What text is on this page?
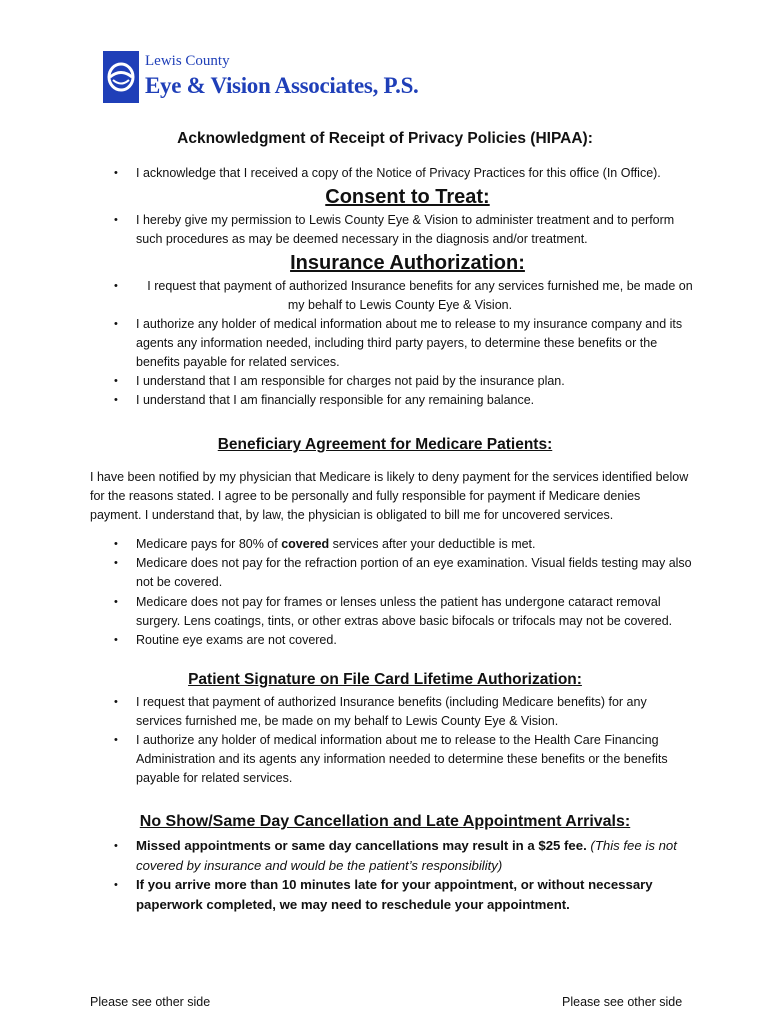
Lewis County
Eye & Vision Associates, P.S.
Acknowledgment of Receipt of Privacy Policies (HIPAA):
•	I acknowledge that I received a copy of the Notice of Privacy Practices for this office (In Office).

Consent to Treat:
•	I hereby give my permission to Lewis County Eye & Vision to administer treatment and to perform such procedures as may be deemed necessary in the diagnosis and/or treatment.

Insurance Authorization:
•	I request that payment of authorized Insurance benefits for any services furnished me, be made on my behalf to Lewis County Eye & Vision.

•	I authorize any holder of medical information about me to release to my insurance company and its agents any information needed, including third party payers, to determine these benefits or the benefits payable for related services.

•	I understand that I am responsible for charges not paid by the insurance plan.

•	I understand that I am financially responsible for any remaining balance.

Beneficiary Agreement for Medicare Patients:

I have been notified by my physician that Medicare is likely to deny payment for the services identified below for the reasons stated. I agree to be personally and fully responsible for payment if Medicare denies payment. I understand that, by law, the physician is obligated to bill me for uncovered services.

•	Medicare pays for 80% of covered services after your deductible is met.

•	Medicare does not pay for the refraction portion of an eye examination. Visual fields testing may also not be covered.

•	Medicare does not pay for frames or lenses unless the patient has undergone cataract removal surgery. Lens coatings, tints, or other extras above basic bifocals or trifocals may not be covered.

•	Routine eye exams are not covered.

Patient Signature on File Card Lifetime Authorization:
•	I request that payment of authorized Insurance benefits (including Medicare benefits) for any services furnished me, be made on my behalf to Lewis County Eye & Vision.

•	I authorize any holder of medical information about me to release to the Health Care Financing Administration and its agents any information needed to determine these benefits or the benefits payable for related services.

No Show/Same Day Cancellation and Late Appointment Arrivals:
•	Missed appointments or same day cancellations may result in a $25 fee. (This fee is not covered by insurance and would be the patient’s responsibility)

•	If you arrive more than 10 minutes late for your appointment, or without necessary paperwork completed, we may need to reschedule your appointment.

Please see other side	Please see other side
